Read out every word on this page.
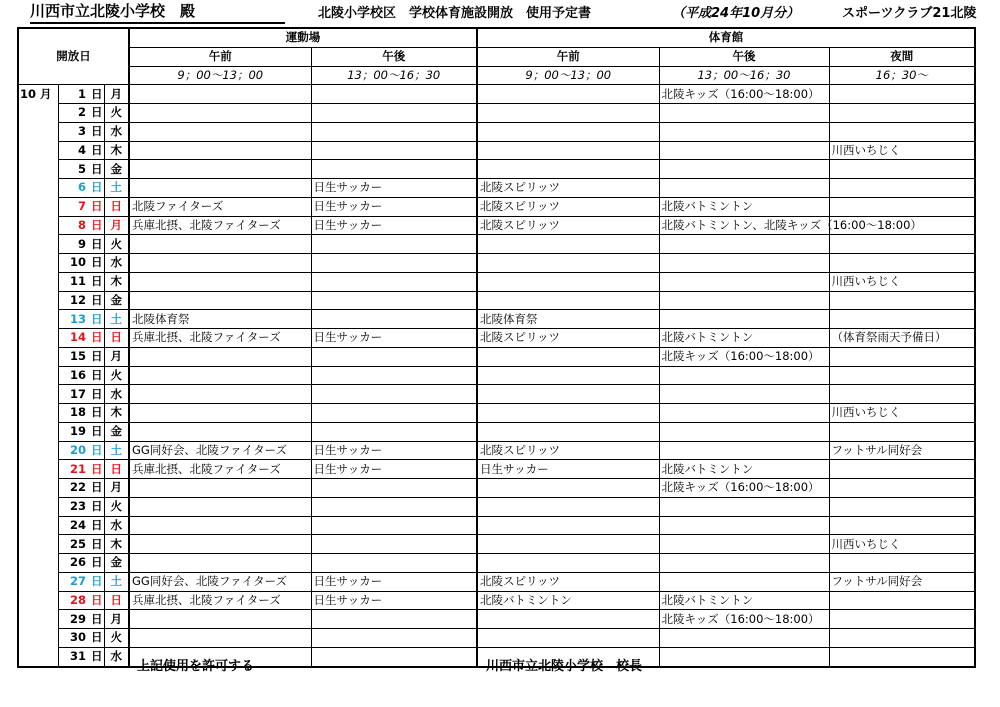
川西市立北陵小学校　殿	北陵小学校区　学校体育施設開放　使用予定書	（平成24年10月分）	スポーツクラブ21北陵
開放日				運動場		体育館		
				午前	午後	午前	午後	夜間
				9；00～13；00	13；00～16；30	9；00～13；00	13；00～16；30	16；30～
10 月	1	日	月				北陵キッズ（16:00～18:00）	
	2	日	火					
	3	日	水					
	4	日	木					川西いちじく
	5	日	金					
	6	日	土		日生サッカー	北陵スピリッツ		
	7	日	日	北陵ファイターズ	日生サッカー	北陵スピリッツ	北陵バトミントン	
	8	日	月	兵庫北摂、北陵ファイターズ	日生サッカー	北陵スピリッツ	北陵バトミントン、北陵キッズ（16:00～18:00）	
	9	日	火					
	10	日	水					
	11	日	木					川西いちじく
	12	日	金					
	13	日	土	北陵体育祭		北陵体育祭		
	14	日	日	兵庫北摂、北陵ファイターズ	日生サッカー	北陵スピリッツ	北陵バトミントン	（体育祭雨天予備日）
	15	日	月				北陵キッズ（16:00～18:00）	
	16	日	火					
	17	日	水					
	18	日	木					川西いちじく
	19	日	金					
	20	日	土	GG同好会、北陵ファイターズ	日生サッカー	北陵スピリッツ		フットサル同好会
	21	日	日	兵庫北摂、北陵ファイターズ	日生サッカー	日生サッカー	北陵バトミントン	
	22	日	月				北陵キッズ（16:00～18:00）	
	23	日	火					
	24	日	水					
	25	日	木					川西いちじく
	26	日	金					
	27	日	土	GG同好会、北陵ファイターズ	日生サッカー	北陵スピリッツ		フットサル同好会
	28	日	日	兵庫北摂、北陵ファイターズ	日生サッカー	北陵バトミントン	北陵バトミントン	
	29	日	月				北陵キッズ（16:00～18:00）	
	30	日	火					
	31	日	水					
上記使用を許可する	川西市立北陵小学校　校長
